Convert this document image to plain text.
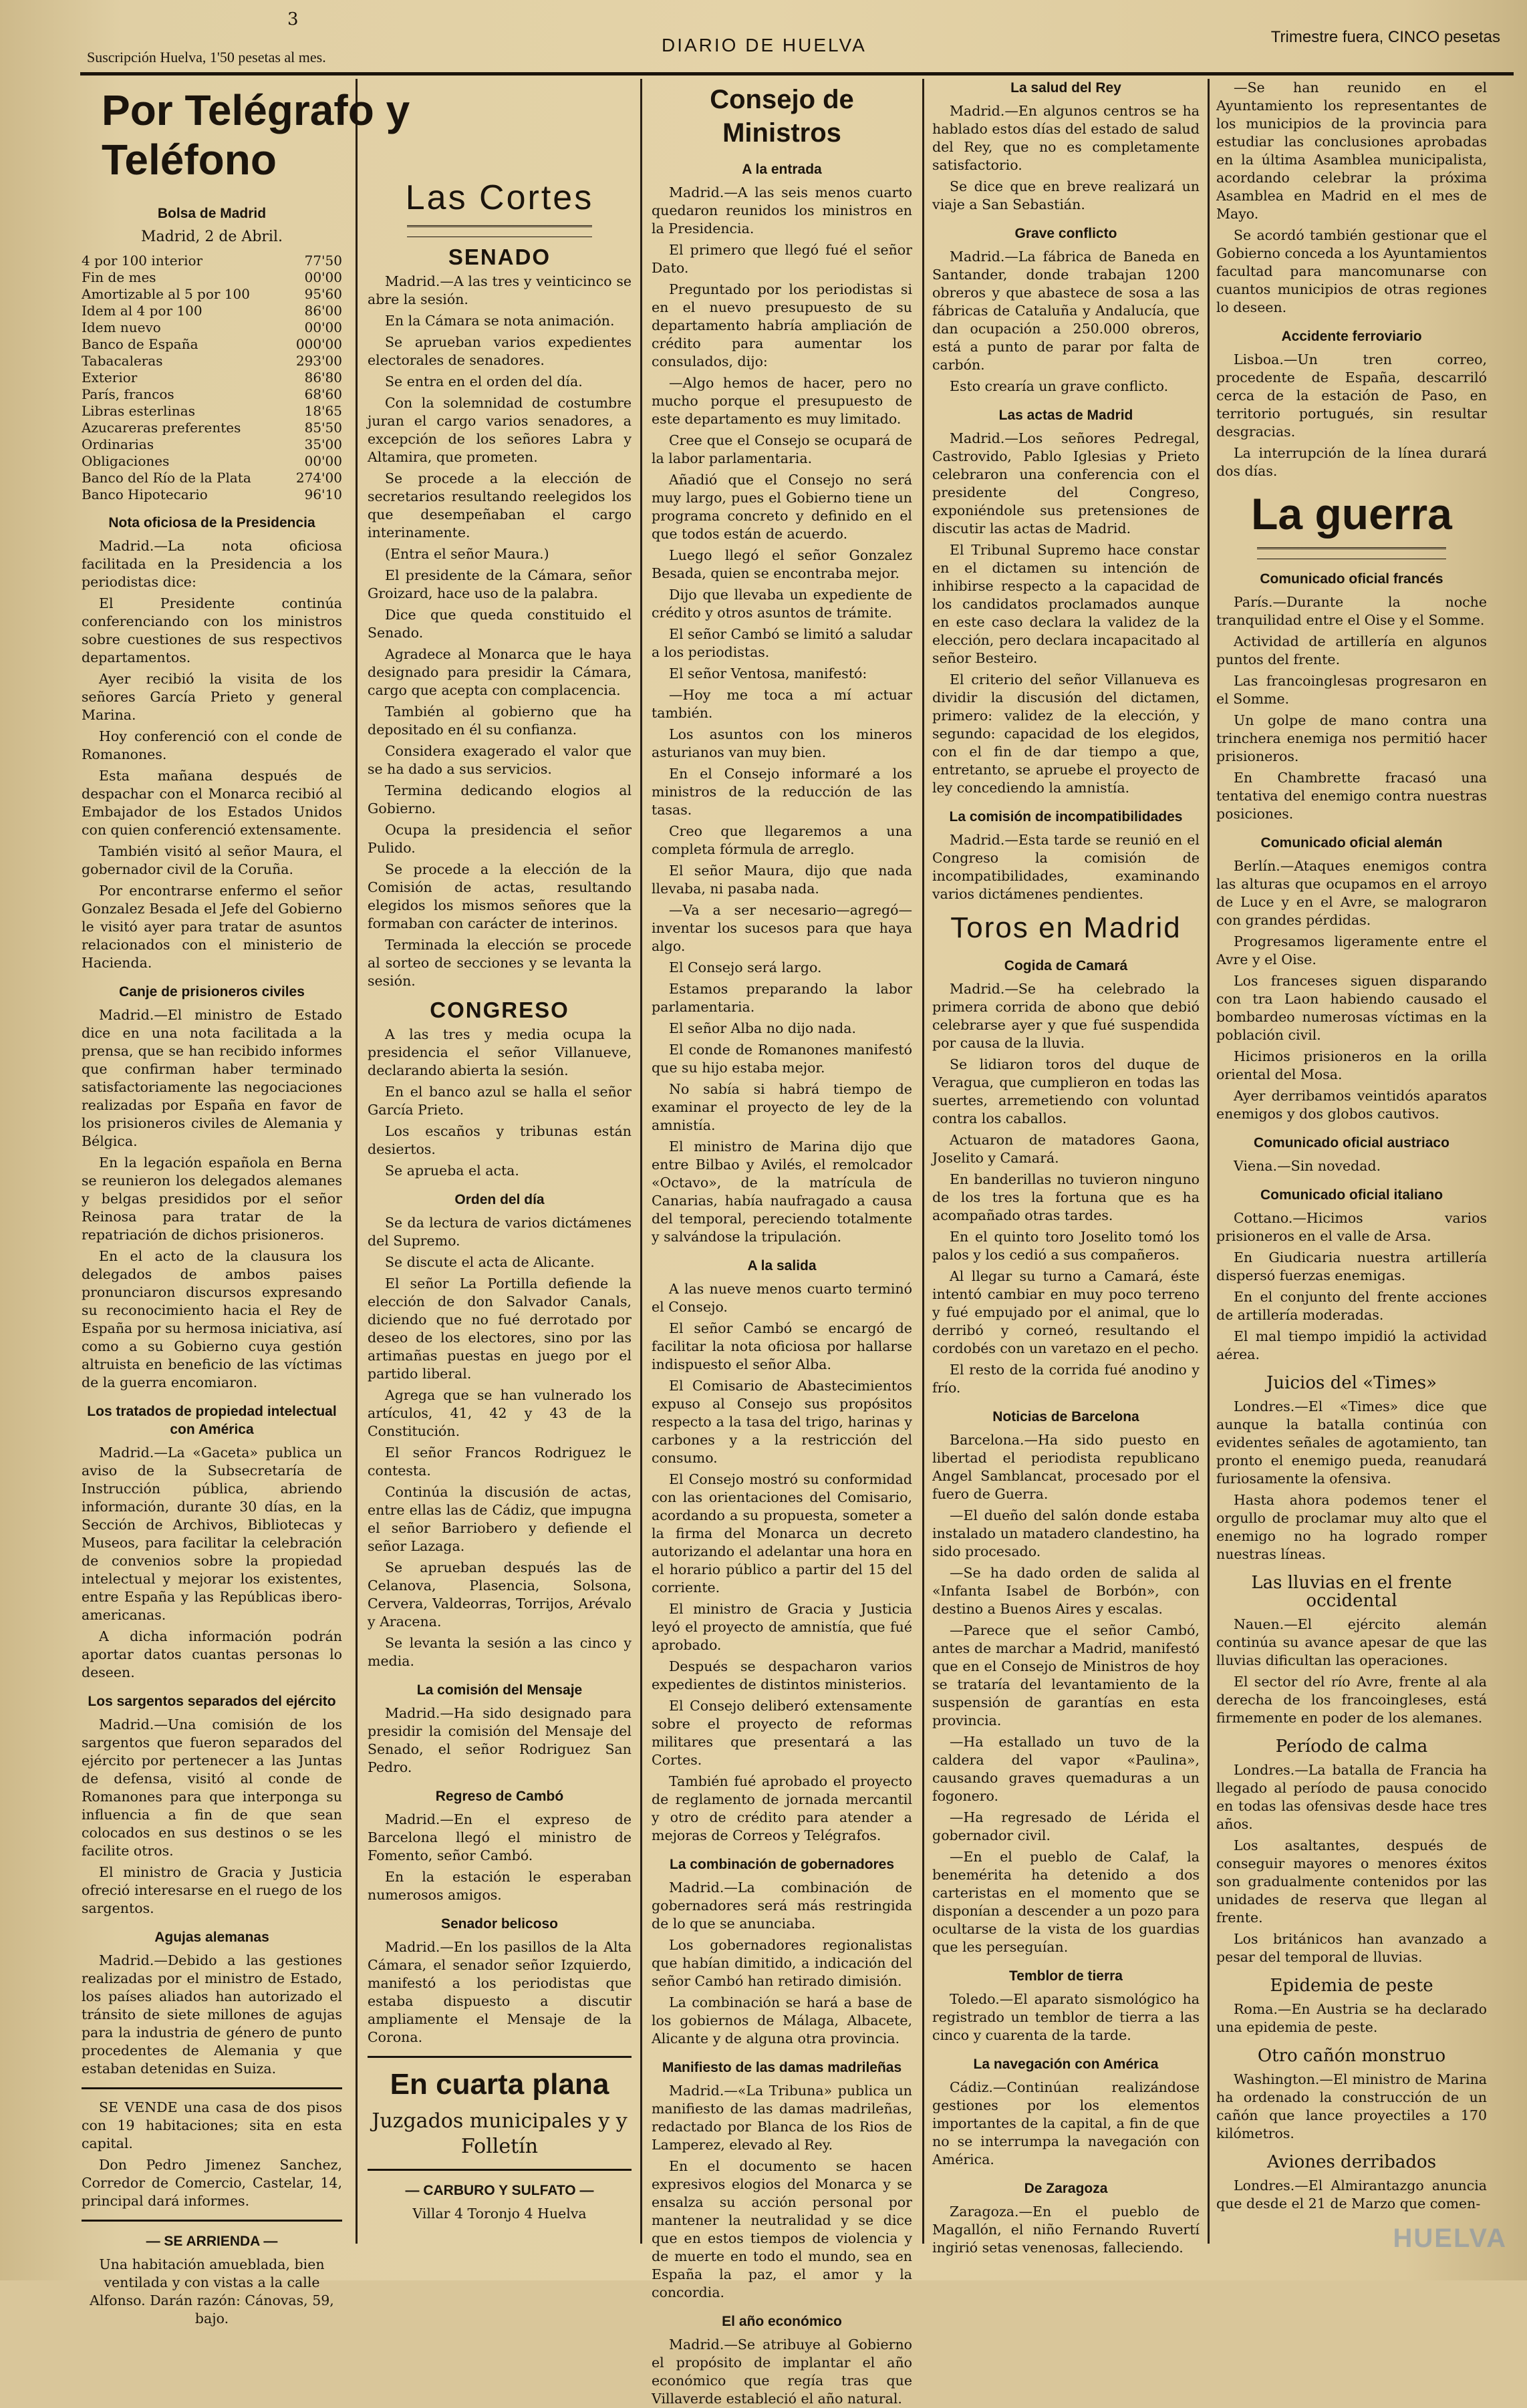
Suscripción Huelva, 1'50 pesetas al mes.
DIARIO DE HUELVA	Trimestre fuera, CINCO pesetas
3
Por Telégrafo y Teléfono
Bolsa de Madrid
Madrid, 2 de Abril.
4 por 100 interior	77'50
Fin de mes	00'00
Amortizable al 5 por 100	95'60
Idem al 4 por 100	86'00
Idem nuevo	00'00
Banco de España	000'00
Tabacaleras	293'00
Exterior	86'80
París, francos	68'60
Libras esterlinas	18'65
Azucareras preferentes	85'50
Ordinarias	35'00
Obligaciones	00'00
Banco del Río de la Plata	274'00
Banco Hipotecario	96'10
Nota oficiosa de la Presidencia

Madrid.—La nota oficiosa facilitada en la Presidencia a los periodistas dice:

El Presidente continúa conferenciando con los ministros sobre cuestiones de sus respectivos departamentos.

Ayer recibió la visita de los señores García Prieto y general Marina.

Hoy conferenció con el conde de Romanones.

Esta mañana después de despachar con el Monarca recibió al Embajador de los Estados Unidos con quien conferenció extensamente.

También visitó al señor Maura, el gobernador civil de la Coruña.

Por encontrarse enfermo el señor Gonzalez Besada el Jefe del Gobierno le visitó ayer para tratar de asuntos relacionados con el ministerio de Hacienda.

Canje de prisioneros civiles

Madrid.—El ministro de Estado dice en una nota facilitada a la prensa, que se han recibido informes que confirman haber terminado satisfactoriamente las negociaciones realizadas por España en favor de los prisioneros civiles de Alemania y Bélgica.

En la legación española en Berna se reunieron los delegados alemanes y belgas presididos por el señor Reinosa para tratar de la repatriación de dichos prisioneros.

En el acto de la clausura los delegados de ambos paises pronunciaron discursos expresando su reconocimiento hacia el Rey de España por su hermosa iniciativa, así como a su Gobierno cuya gestión altruista en beneficio de las víctimas de la guerra encomiaron.

Los tratados de propiedad intelectual con América

Madrid.—La «Gaceta» publica un aviso de la Subsecretaría de Instrucción pública, abriendo información, durante 30 días, en la Sección de Archivos, Bibliotecas y Museos, para facilitar la celebración de convenios sobre la propiedad intelectual y mejorar los existentes, entre España y las Repúblicas ibero-americanas.

A dicha información podrán aportar datos cuantas personas lo deseen.

Los sargentos separados del ejército

Madrid.—Una comisión de los sargentos que fueron separados del ejército por pertenecer a las Juntas de defensa, visitó al conde de Romanones para que interponga su influencia a fin de que sean colocados en sus destinos o se les facilite otros.

El ministro de Gracia y Justicia ofreció interesarse en el ruego de los sargentos.

Agujas alemanas

Madrid.—Debido a las gestiones realizadas por el ministro de Estado, los países aliados han autorizado el tránsito de siete millones de agujas para la industria de género de punto procedentes de Alemania y que estaban detenidas en Suiza.

SE VENDE una casa de dos pisos con 19 habitaciones; sita en esta capital.

Don Pedro Jimenez Sanchez, Corredor de Comercio, Castelar, 14, principal dará informes.

— SE ARRIENDA —

Una habitación amueblada, bien ventilada y con vistas a la calle Alfonso. Darán razón: Cánovas, 59, bajo.

Las Cortes
SENADO

Madrid.—A las tres y veinticinco se abre la sesión.

En la Cámara se nota animación.

Se aprueban varios expedientes electorales de senadores.

Se entra en el orden del día.

Con la solemnidad de costumbre juran el cargo varios senadores, a excepción de los señores Labra y Altamira, que prometen.

Se procede a la elección de secretarios resultando reelegidos los que desempeñaban el cargo interinamente.

(Entra el señor Maura.)

El presidente de la Cámara, señor Groizard, hace uso de la palabra.

Dice que queda constituido el Senado.

Agradece al Monarca que le haya designado para presidir la Cámara, cargo que acepta con complacencia.

También al gobierno que ha depositado en él su confianza.

Considera exagerado el valor que se ha dado a sus servicios.

Termina dedicando elogios al Gobierno.

Ocupa la presidencia el señor Pulido.

Se procede a la elección de la Comisión de actas, resultando elegidos los mismos señores que la formaban con carácter de interinos.

Terminada la elección se procede al sorteo de secciones y se levanta la sesión.

CONGRESO

A las tres y media ocupa la presidencia el señor Villanueve, declarando abierta la sesión.

En el banco azul se halla el señor García Prieto.

Los escaños y tribunas están desiertos.

Se aprueba el acta.

Orden del día

Se da lectura de varios dictámenes del Supremo.

Se discute el acta de Alicante.

El señor La Portilla defiende la elección de don Salvador Canals, diciendo que no fué derrotado por deseo de los electores, sino por las artimañas puestas en juego por el partido liberal.

Agrega que se han vulnerado los artículos, 41, 42 y 43 de la Constitución.

El señor Francos Rodriguez le contesta.

Continúa la discusión de actas, entre ellas las de Cádiz, que impugna el señor Barriobero y defiende el señor Lazaga.

Se aprueban después las de Celanova, Plasencia, Solsona, Cervera, Valdeorras, Torrijos, Arévalo y Aracena.

Se levanta la sesión a las cinco y media.

La comisión del Mensaje

Madrid.—Ha sido designado para presidir la comisión del Mensaje del Senado, el señor Rodriguez San Pedro.

Regreso de Cambó

Madrid.—En el expreso de Barcelona llegó el ministro de Fomento, señor Cambó.

En la estación le esperaban numerosos amigos.

Senador belicoso

Madrid.—En los pasillos de la Alta Cámara, el senador señor Izquierdo, manifestó a los periodistas que estaba dispuesto a discutir ampliamente el Mensaje de la Corona.

En cuarta plana
Juzgados municipales y y Folletín
— CARBURO Y SULFATO —
Villar 4 Toronjo 4 Huelva
Consejo de Ministros
A la entrada

Madrid.—A las seis menos cuarto quedaron reunidos los ministros en la Presidencia.

El primero que llegó fué el señor Dato.

Preguntado por los periodistas si en el nuevo presupuesto de su departamento habría ampliación de crédito para aumentar los consulados, dijo:

—Algo hemos de hacer, pero no mucho porque el presupuesto de este departamento es muy limitado.

Cree que el Consejo se ocupará de la labor parlamentaria.

Añadió que el Consejo no será muy largo, pues el Gobierno tiene un programa concreto y definido en el que todos están de acuerdo.

Luego llegó el señor Gonzalez Besada, quien se encontraba mejor.

Dijo que llevaba un expediente de crédito y otros asuntos de trámite.

El señor Cambó se limitó a saludar a los periodistas.

El señor Ventosa, manifestó:

—Hoy me toca a mí actuar también.

Los asuntos con los mineros asturianos van muy bien.

En el Consejo informaré a los ministros de la reducción de las tasas.

Creo que llegaremos a una completa fórmula de arreglo.

El señor Maura, dijo que nada llevaba, ni pasaba nada.

—Va a ser necesario—agregó—inventar los sucesos para que haya algo.

El Consejo será largo.

Estamos preparando la labor parlamentaria.

El señor Alba no dijo nada.

El conde de Romanones manifestó que su hijo estaba mejor.

No sabía si habrá tiempo de examinar el proyecto de ley de la amnistía.

El ministro de Marina dijo que entre Bilbao y Avilés, el remolcador «Octavo», de la matrícula de Canarias, había naufragado a causa del temporal, pereciendo totalmente y salvándose la tripulación.

A la salida

A las nueve menos cuarto terminó el Consejo.

El señor Cambó se encargó de facilitar la nota oficiosa por hallarse indispuesto el señor Alba.

El Comisario de Abastecimientos expuso al Consejo sus propósitos respecto a la tasa del trigo, harinas y carbones y a la restricción del consumo.

El Consejo mostró su conformidad con las orientaciones del Comisario, acordando a su propuesta, someter a la firma del Monarca un decreto autorizando el adelantar una hora en el horario público a partir del 15 del corriente.

El ministro de Gracia y Justicia leyó el proyecto de amnistía, que fué aprobado.

Después se despacharon varios expedientes de distintos ministerios.

El Consejo deliberó extensamente sobre el proyecto de reformas militares que presentará a las Cortes.

También fué aprobado el proyecto de reglamento de jornada mercantil y otro de crédito para atender a mejoras de Correos y Telégrafos.

La combinación de gobernadores

Madrid.—La combinación de gobernadores será más restringida de lo que se anunciaba.

Los gobernadores regionalistas que habían dimitido, a indicación del señor Cambó han retirado dimisión.

La combinación se hará a base de los gobiernos de Málaga, Albacete, Alicante y de alguna otra provincia.

Manifiesto de las damas madrileñas

Madrid.—«La Tribuna» publica un manifiesto de las damas madrileñas, redactado por Blanca de los Rios de Lamperez, elevado al Rey.

En el documento se hacen expresivos elogios del Monarca y se ensalza su acción personal por mantener la neutralidad y se dice que en estos tiempos de violencia y de muerte en todo el mundo, sea en España la paz, el amor y la concordia.

El año económico

Madrid.—Se atribuye al Gobierno el propósito de implantar el año económico que regía tras que Villaverde estableció el año natural.

La salud del Rey

Madrid.—En algunos centros se ha hablado estos días del estado de salud del Rey, que no es completamente satisfactorio.

Se dice que en breve realizará un viaje a San Sebastián.

Grave conflicto

Madrid.—La fábrica de Baneda en Santander, donde trabajan 1200 obreros y que abastece de sosa a las fábricas de Cataluña y Andalucía, que dan ocupación a 250.000 obreros, está a punto de parar por falta de carbón.

Esto crearía un grave conflicto.

Las actas de Madrid

Madrid.—Los señores Pedregal, Castrovido, Pablo Iglesias y Prieto celebraron una conferencia con el presidente del Congreso, exponiéndole sus pretensiones de discutir las actas de Madrid.

El Tribunal Supremo hace constar en el dictamen su intención de inhibirse respecto a la capacidad de los candidatos proclamados aunque en este caso declara la validez de la elección, pero declara incapacitado al señor Besteiro.

El criterio del señor Villanueva es dividir la discusión del dictamen, primero: validez de la elección, y segundo: capacidad de los elegidos, con el fin de dar tiempo a que, entretanto, se apruebe el proyecto de ley concediendo la amnistía.

La comisión de incompatibilidades

Madrid.—Esta tarde se reunió en el Congreso la comisión de incompatibilidades, examinando varios dictámenes pendientes.

Toros en Madrid
Cogida de Camará

Madrid.—Se ha celebrado la primera corrida de abono que debió celebrarse ayer y que fué suspendida por causa de la lluvia.

Se lidiaron toros del duque de Veragua, que cumplieron en todas las suertes, arremetiendo con voluntad contra los caballos.

Actuaron de matadores Gaona, Joselito y Camará.

En banderillas no tuvieron ninguno de los tres la fortuna que es ha acompañado otras tardes.

En el quinto toro Joselito tomó los palos y los cedió a sus compañeros.

Al llegar su turno a Camará, éste intentó cambiar en muy poco terreno y fué empujado por el animal, que lo derribó y corneó, resultando el cordobés con un varetazo en el pecho.

El resto de la corrida fué anodino y frío.

Noticias de Barcelona

Barcelona.—Ha sido puesto en libertad el periodista republicano Angel Samblancat, procesado por el fuero de Guerra.

—El dueño del salón donde estaba instalado un matadero clandestino, ha sido procesado.

—Se ha dado orden de salida al «Infanta Isabel de Borbón», con destino a Buenos Aires y escalas.

—Parece que el señor Cambó, antes de marchar a Madrid, manifestó que en el Consejo de Ministros de hoy se trataría del levantamiento de la suspensión de garantías en esta provincia.

—Ha estallado un tuvo de la caldera del vapor «Paulina», causando graves quemaduras a un fogonero.

—Ha regresado de Lérida el gobernador civil.

—En el pueblo de Calaf, la benemérita ha detenido a dos carteristas en el momento que se disponían a descender a un pozo para ocultarse de la vista de los guardias que les perseguían.

Temblor de tierra

Toledo.—El aparato sismológico ha registrado un temblor de tierra a las cinco y cuarenta de la tarde.

La navegación con América

Cádiz.—Continúan realizándose gestiones por los elementos importantes de la capital, a fin de que no se interrumpa la navegación con América.

De Zaragoza

Zaragoza.—En el pueblo de Magallón, el niño Fernando Ruvertí ingirió setas venenosas, falleciendo.

—Se han reunido en el Ayuntamiento los representantes de los municipios de la provincia para estudiar las conclusiones aprobadas en la última Asamblea municipalista, acordando celebrar la próxima Asamblea en Madrid en el mes de Mayo.

Se acordó también gestionar que el Gobierno conceda a los Ayuntamientos facultad para mancomunarse con cuantos municipios de otras regiones lo deseen.

Accidente ferroviario

Lisboa.—Un tren correo, procedente de España, descarriló cerca de la estación de Paso, en territorio portugués, sin resultar desgracias.

La interrupción de la línea durará dos días.

La guerra
Comunicado oficial francés

París.—Durante la noche tranquilidad entre el Oise y el Somme.

Actividad de artillería en algunos puntos del frente.

Las francoinglesas progresaron en el Somme.

Un golpe de mano contra una trinchera enemiga nos permitió hacer prisioneros.

En Chambrette fracasó una tentativa del enemigo contra nuestras posiciones.

Comunicado oficial alemán

Berlín.—Ataques enemigos contra las alturas que ocupamos en el arroyo de Luce y en el Avre, se malograron con grandes pérdidas.

Progresamos ligeramente entre el Avre y el Oise.

Los franceses siguen disparando con tra Laon habiendo causado el bombardeo numerosas víctimas en la población civil.

Hicimos prisioneros en la orilla oriental del Mosa.

Ayer derribamos veintidós aparatos enemigos y dos globos cautivos.

Comunicado oficial austriaco

Viena.—Sin novedad.

Comunicado oficial italiano

Cottano.—Hicimos varios prisioneros en el valle de Arsa.

En Giudicaria nuestra artillería dispersó fuerzas enemigas.

En el conjunto del frente acciones de artillería moderadas.

El mal tiempo impidió la actividad aérea.

Juicios del «Times»

Londres.—El «Times» dice que aunque la batalla continúa con evidentes señales de agotamiento, tan pronto el enemigo pueda, reanudará furiosamente la ofensiva.

Hasta ahora podemos tener el orgullo de proclamar muy alto que el enemigo no ha logrado romper nuestras líneas.

Las lluvias en el frente occidental

Nauen.—El ejército alemán continúa su avance apesar de que las lluvias dificultan las operaciones.

El sector del río Avre, frente al ala derecha de los francoingleses, está firmemente en poder de los alemanes.

Período de calma

Londres.—La batalla de Francia ha llegado al período de pausa conocido en todas las ofensivas desde hace tres años.

Los asaltantes, después de conseguir mayores o menores éxitos son gradualmente contenidos por las unidades de reserva que llegan al frente.

Los británicos han avanzado a pesar del temporal de lluvias.

Epidemia de peste

Roma.—En Austria se ha declarado una epidemia de peste.

Otro cañón monstruo

Washington.—El ministro de Marina ha ordenado la construcción de un cañón que lance proyectiles a 170 kilómetros.

Aviones derribados

Londres.—El Almirantazgo anuncia que desde el 21 de Marzo que comen-

HUELVA
